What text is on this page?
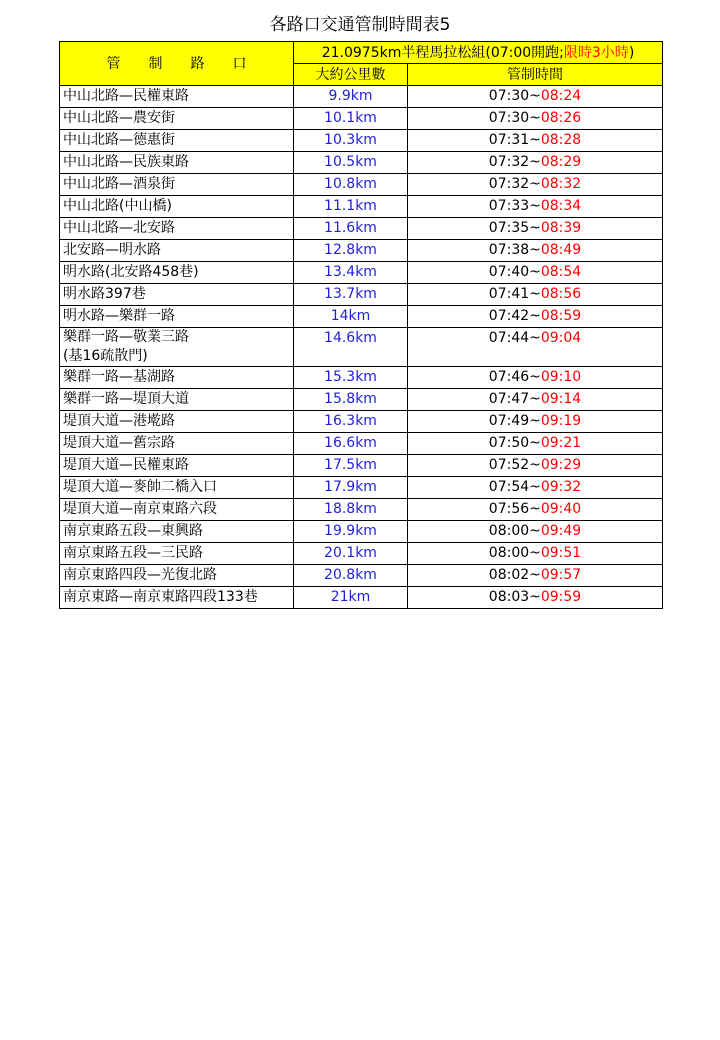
各路口交通管制時間表5
管制路口	21.0975km半程馬拉松組(07:00開跑;限時3小時)	
	大約公里數	管制時間
中山北路—民權東路	9.9km	07:30~08:24
中山北路—農安街	10.1km	07:30~08:26
中山北路—德惠街	10.3km	07:31~08:28
中山北路—民族東路	10.5km	07:32~08:29
中山北路—酒泉街	10.8km	07:32~08:32
中山北路(中山橋)	11.1km	07:33~08:34
中山北路—北安路	11.6km	07:35~08:39
北安路—明水路	12.8km	07:38~08:49
明水路(北安路458巷)	13.4km	07:40~08:54
明水路397巷	13.7km	07:41~08:56
明水路—樂群一路	14km	07:42~08:59
樂群一路—敬業三路
(基16疏散門)	14.6km	07:44~09:04
樂群一路—基湖路	15.3km	07:46~09:10
樂群一路—堤頂大道	15.8km	07:47~09:14
堤頂大道—港墘路	16.3km	07:49~09:19
堤頂大道—舊宗路	16.6km	07:50~09:21
堤頂大道—民權東路	17.5km	07:52~09:29
堤頂大道—麥帥二橋入口	17.9km	07:54~09:32
堤頂大道—南京東路六段	18.8km	07:56~09:40
南京東路五段—東興路	19.9km	08:00~09:49
南京東路五段—三民路	20.1km	08:00~09:51
南京東路四段—光復北路	20.8km	08:02~09:57
南京東路—南京東路四段133巷	21km	08:03~09:59
